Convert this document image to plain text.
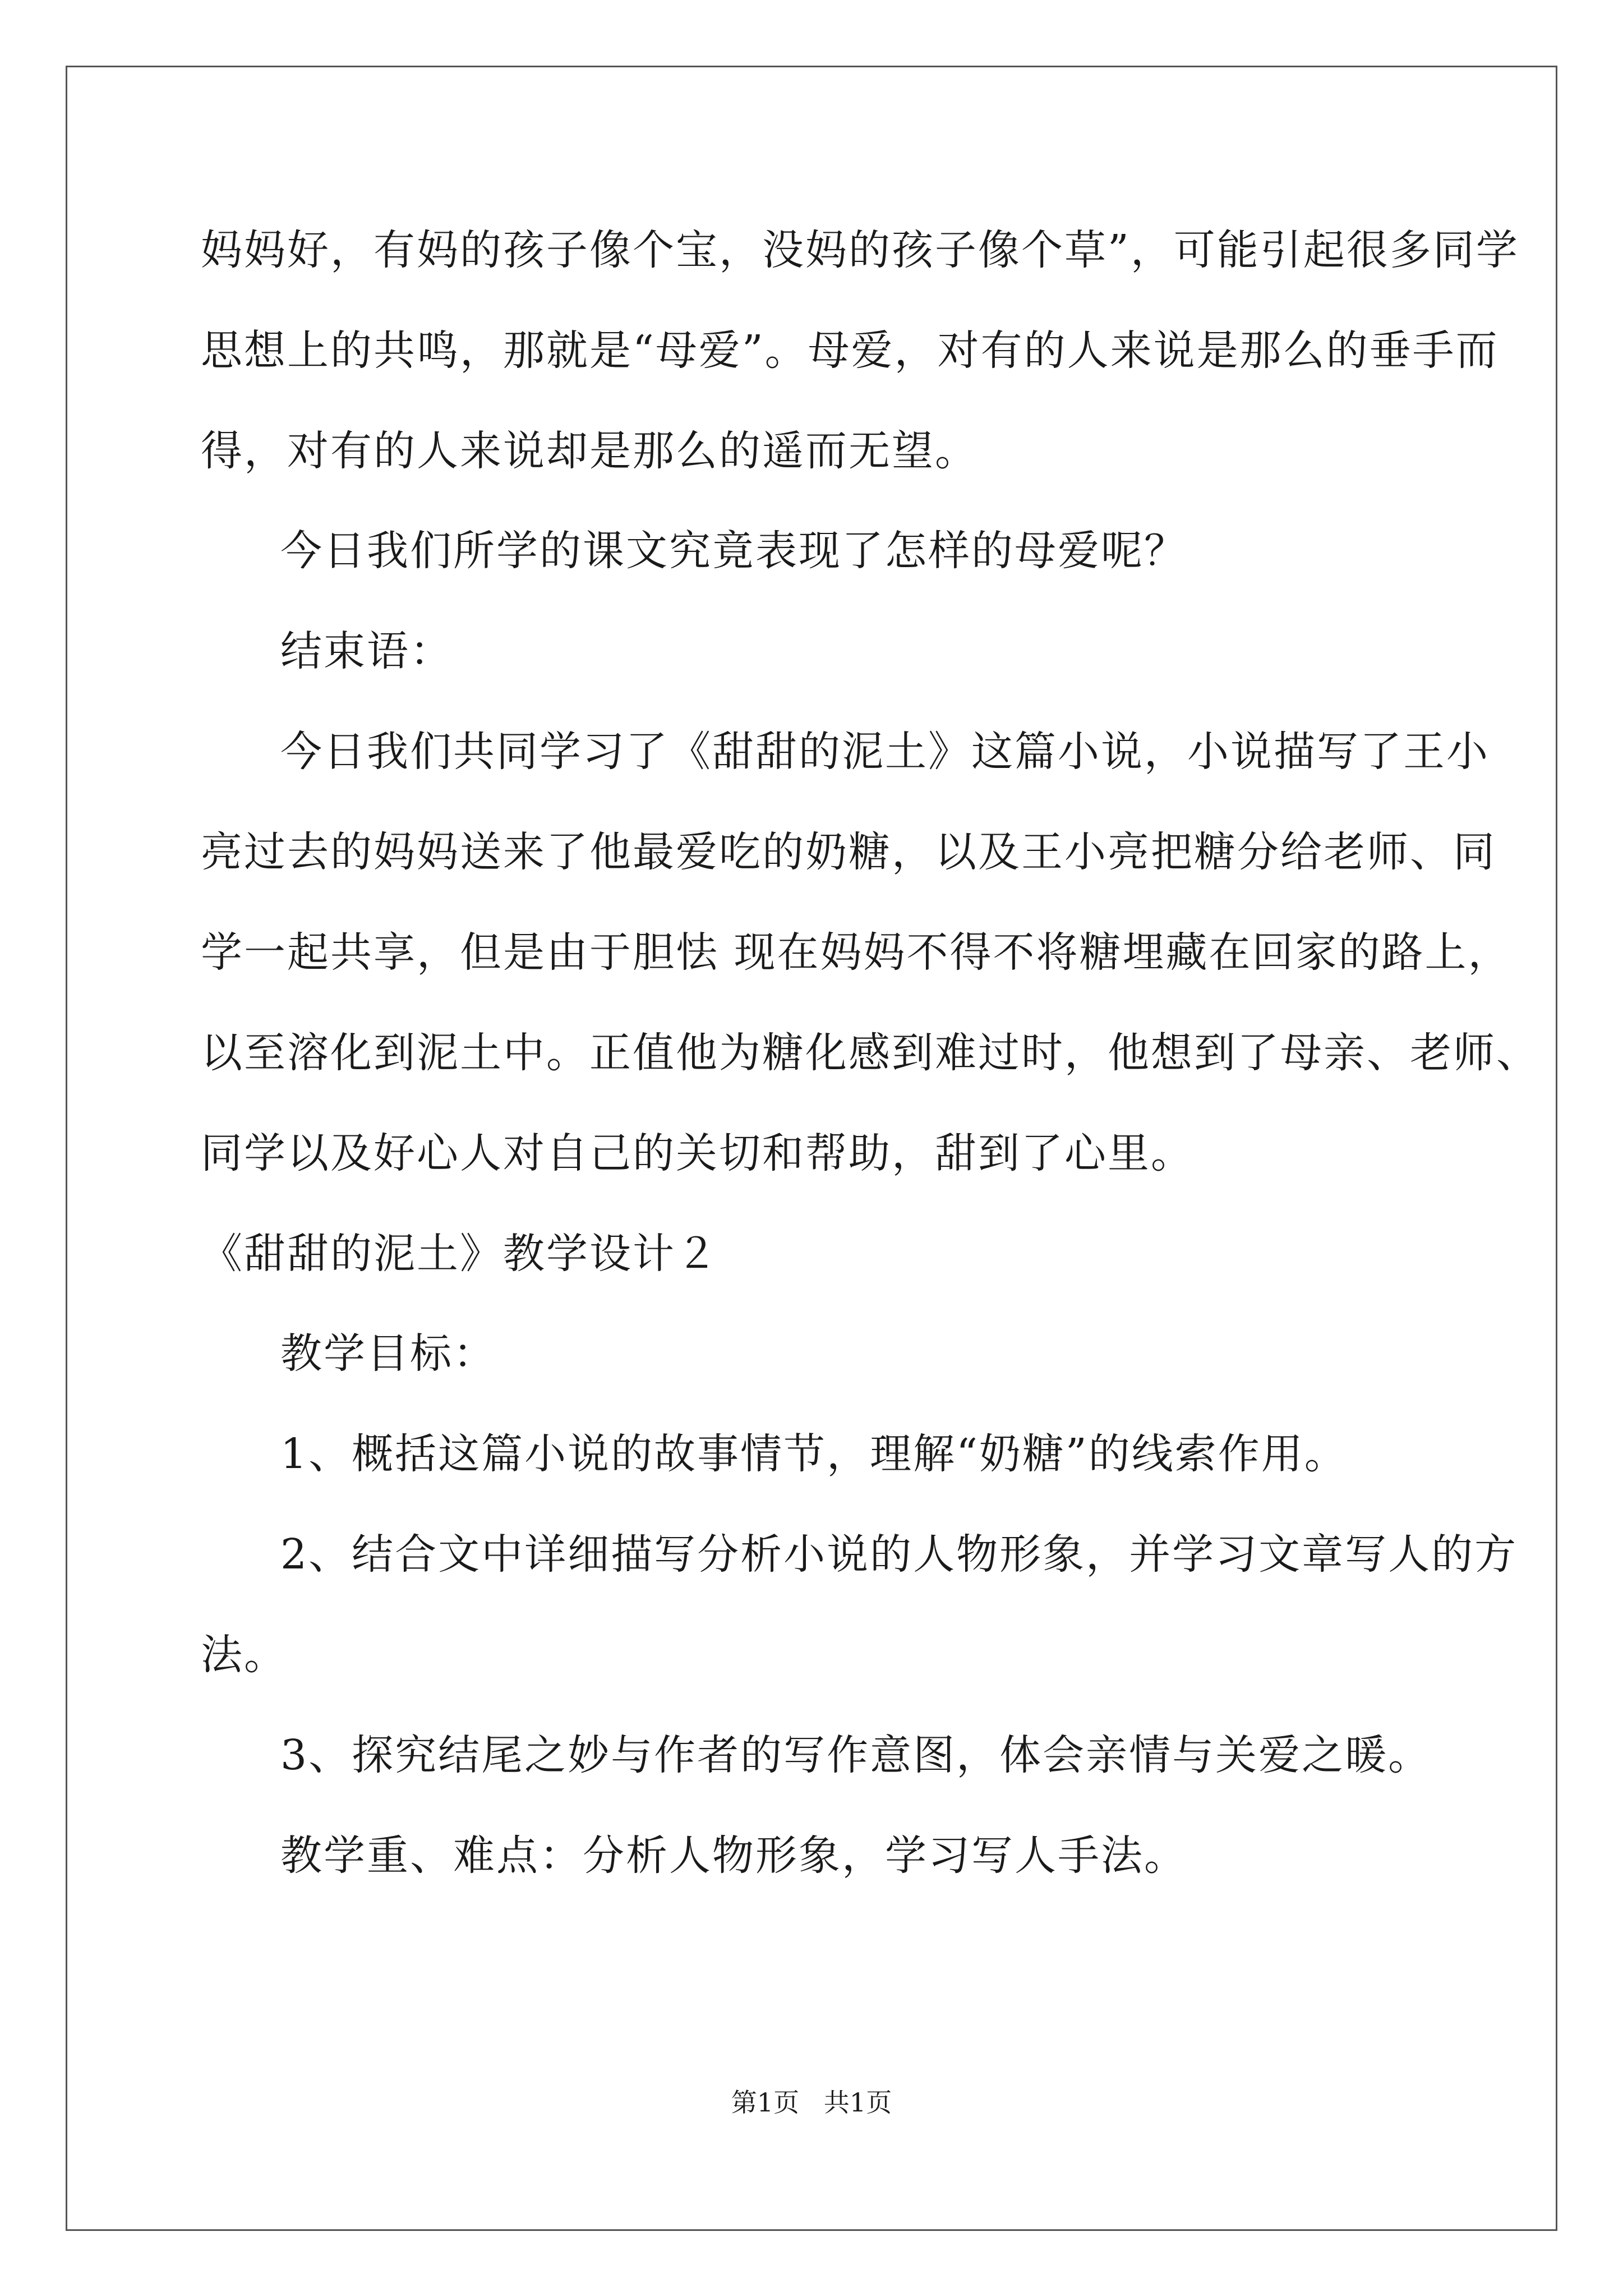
妈妈好，有妈的孩子像个宝，没妈的孩子像个草”，可能引起很多同学

思想上的共鸣，那就是“母爱”。母爱，对有的人来说是那么的垂手而

得，对有的人来说却是那么的遥而无望。

今日我们所学的课文究竟表现了怎样的母爱呢？

结束语：

今日我们共同学习了《甜甜的泥土》这篇小说，小说描写了王小

亮过去的妈妈送来了他最爱吃的奶糖，以及王小亮把糖分给老师、同

学一起共享，但是由于胆怯 现在妈妈不得不将糖埋藏在回家的路上，

以至溶化到泥土中。正值他为糖化感到难过时，他想到了母亲、老师、

同学以及好心人对自己的关切和帮助，甜到了心里。

《甜甜的泥土》教学设计２

教学目标：

1、概括这篇小说的故事情节，理解“奶糖”的线索作用。

2、结合文中详细描写分析小说的人物形象，并学习文章写人的方

法。

3、探究结尾之妙与作者的写作意图，体会亲情与关爱之暖。

教学重、难点：分析人物形象，学习写人手法。

第1页   共1页
